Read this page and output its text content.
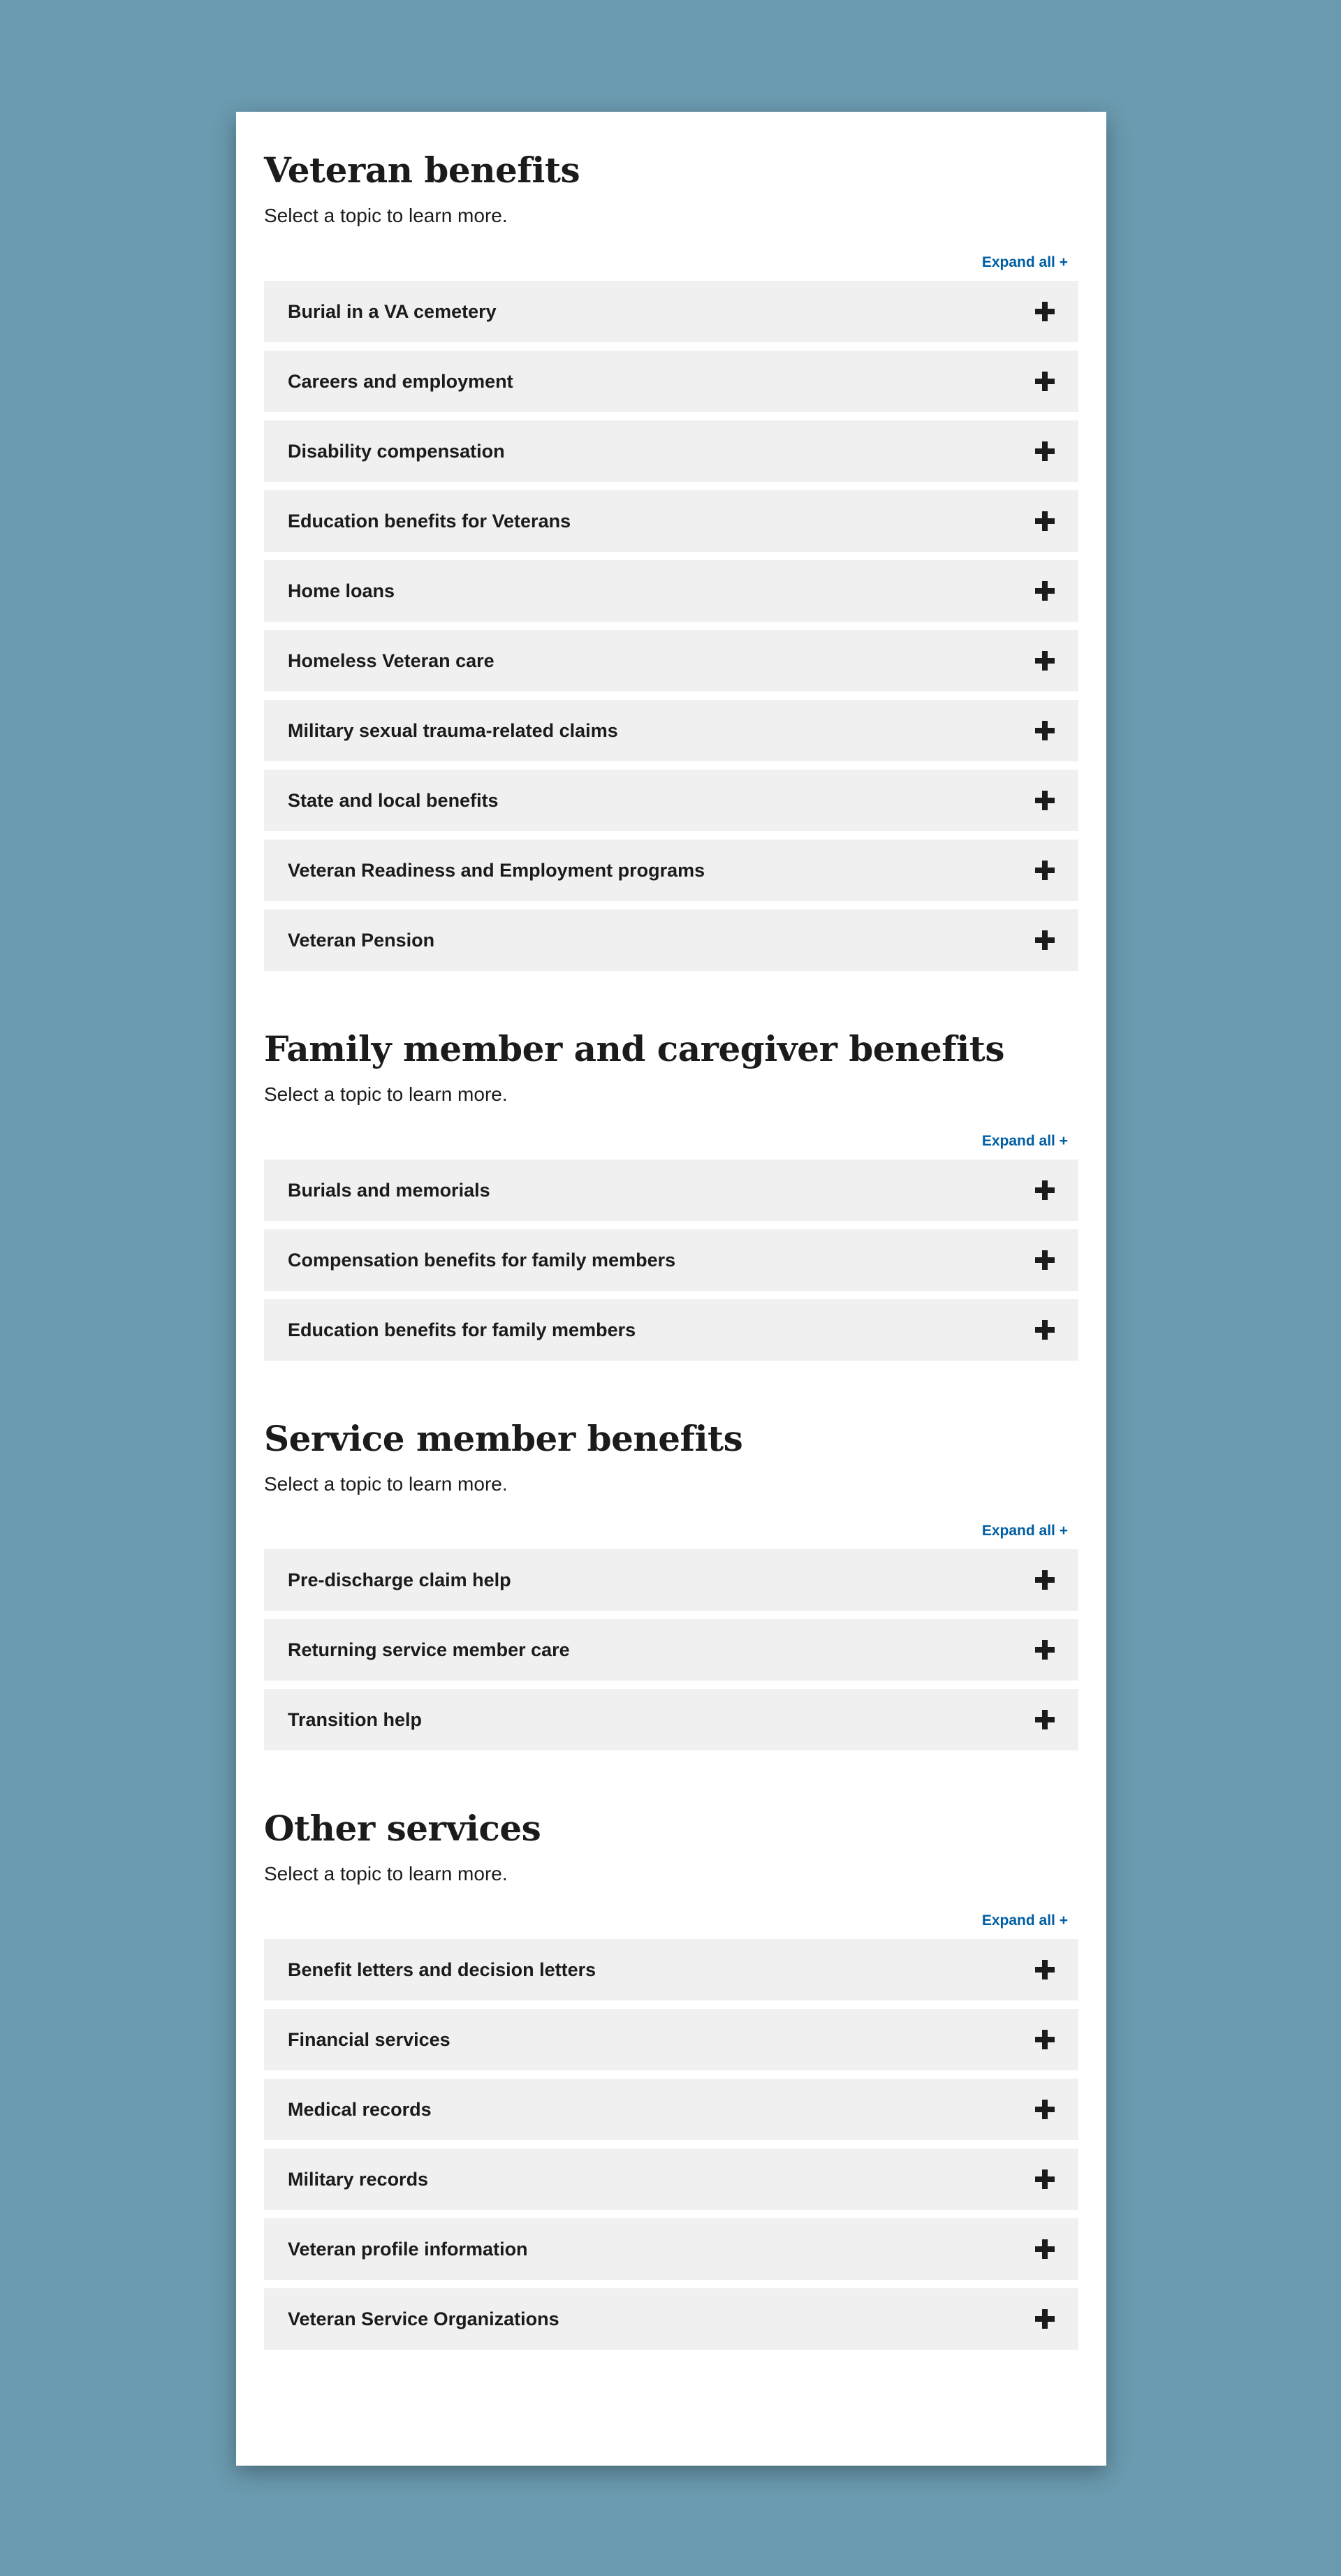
Veteran benefits

Select a topic to learn more.

Expand all +
Burial in a VA cemetery
Careers and employment
Disability compensation
Education benefits for Veterans
Home loans
Homeless Veteran care
Military sexual trauma-related claims
State and local benefits
Veteran Readiness and Employment programs
Veteran Pension
Family member and caregiver benefits

Select a topic to learn more.

Expand all +
Burials and memorials
Compensation benefits for family members
Education benefits for family members
Service member benefits

Select a topic to learn more.

Expand all +
Pre-discharge claim help
Returning service member care
Transition help
Other services

Select a topic to learn more.

Expand all +
Benefit letters and decision letters
Financial services
Medical records
Military records
Veteran profile information
Veteran Service Organizations
